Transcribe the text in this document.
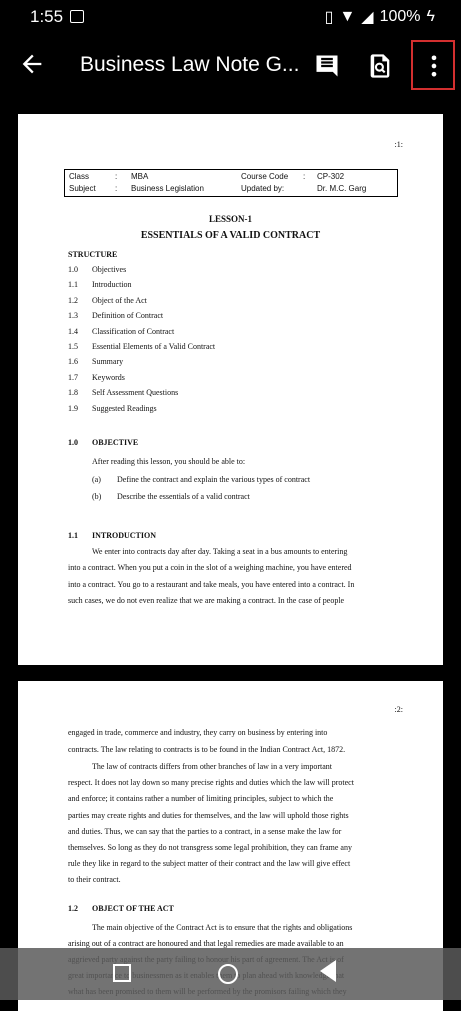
1:55	▯ ▼ ◢ 100% ϟ
Business Law Note G...
:1:
Class	: MBA	Course Code : CP-302
Subject : Business Legislation	Updated by:	Dr. M.C. Garg
LESSON-1
ESSENTIALS OF A VALID CONTRACT
STRUCTURE
1.0 Objectives
1.1 Introduction
1.2 Object of the Act
1.3 Definition of Contract
1.4 Classification of Contract
1.5 Essential Elements of a Valid Contract
1.6 Summary
1.7 Keywords
1.8 Self Assessment Questions
1.9 Suggested Readings
1.0 OBJECTIVE
After reading this lesson, you should be able to:
(a) Define the contract and explain the various types of contract
(b) Describe the essentials of a valid contract
1.1 INTRODUCTION
We enter into contracts day after day. Taking a seat in a bus amounts to entering
into a contract. When you put a coin in the slot of a weighing machine, you have entered
into a contract. You go to a restaurant and take meals, you have entered into a contract. In
such cases, we do not even realize that we are making a contract. In the case of people
:2:
engaged in trade, commerce and industry, they carry on business by entering into
contracts. The law relating to contracts is to be found in the Indian Contract Act, 1872.
The law of contracts differs from other branches of law in a very important
respect. It does not lay down so many precise rights and duties which the law will protect
and enforce; it contains rather a number of limiting principles, subject to which the
parties may create rights and duties for themselves, and the law will uphold those rights
and duties. Thus, we can say that the parties to a contract, in a sense make the law for
themselves. So long as they do not transgress some legal prohibition, they can frame any
rule they like in regard to the subject matter of their contract and the law will give effect
to their contract.
1.2 OBJECT OF THE ACT
The main objective of the Contract Act is to ensure that the rights and obligations
arising out of a contract are honoured and that legal remedies are made available to an
